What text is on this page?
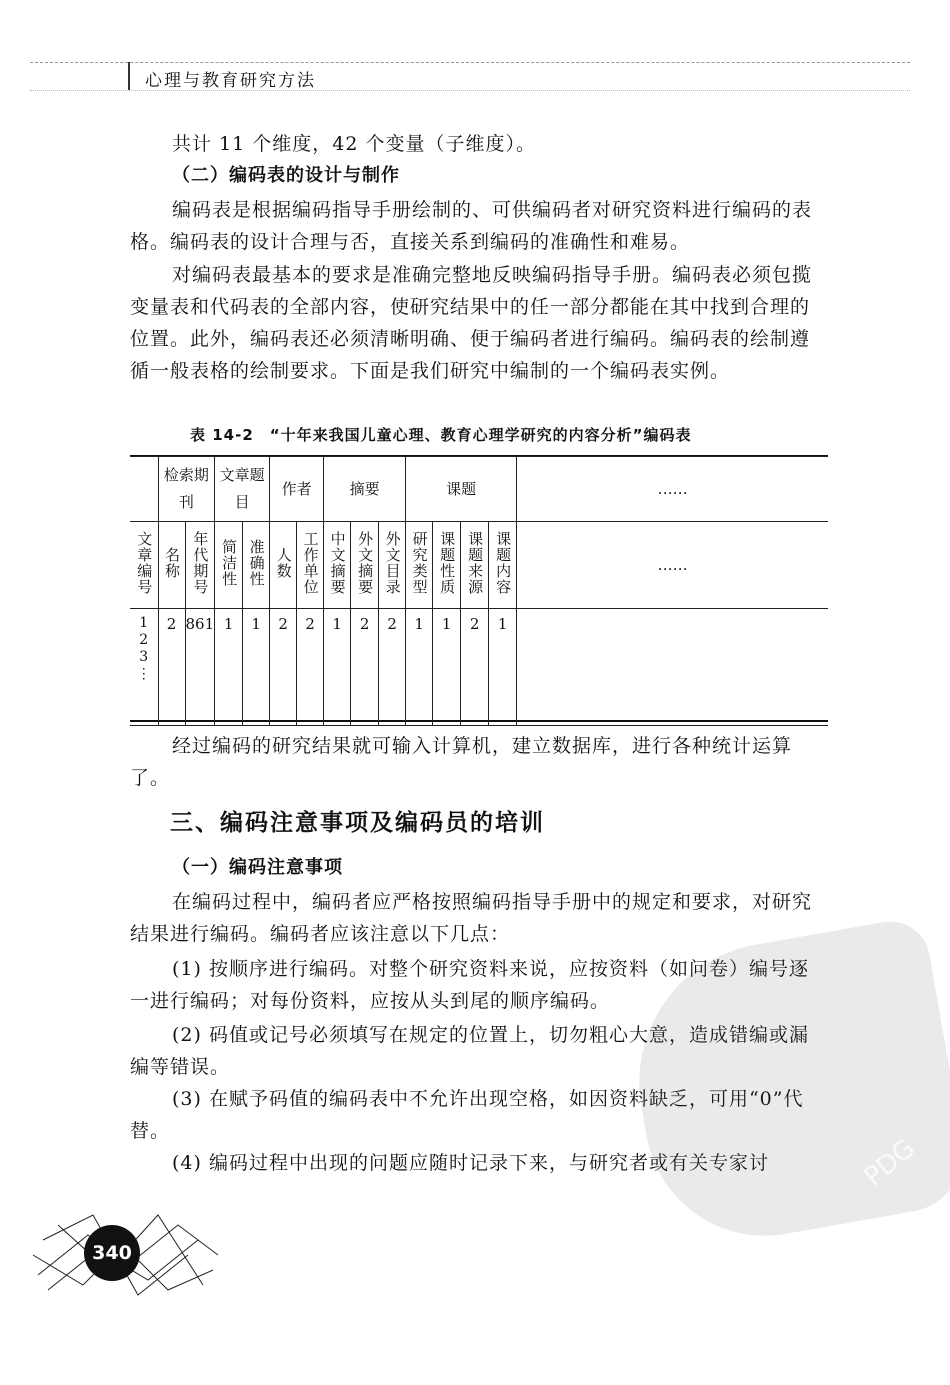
心理与教育研究方法

共计 11 个维度，42 个变量（子维度）。

（二）编码表的设计与制作

编码表是根据编码指导手册绘制的、可供编码者对研究资料进行编码的表格。编码表的设计合理与否，直接关系到编码的准确性和难易。

对编码表最基本的要求是准确完整地反映编码指导手册。编码表必须包揽变量表和代码表的全部内容，使研究结果中的任一部分都能在其中找到合理的位置。此外，编码表还必须清晰明确、便于编码者进行编码。编码表的绘制遵循一般表格的绘制要求。下面是我们研究中编制的一个编码表实例。

表 14-2　“十年来我国儿童心理、教育心理学研究的内容分析”编码表
	检索期刊		文章题目		作者		摘要			课题				……
文章编号	名称	年代期号	简洁性	准确性	人数	工作单位	中文摘要	外文摘要	外文目录	研究类型	课题性质	课题来源	课题内容	……
123⋮	2	861	1	1	2	2	1	2	2	1	1	2	1	

经过编码的研究结果就可输入计算机，建立数据库，进行各种统计运算了。

三、编码注意事项及编码员的培训

（一）编码注意事项

在编码过程中，编码者应严格按照编码指导手册中的规定和要求，对研究结果进行编码。编码者应该注意以下几点：

(1) 按顺序进行编码。对整个研究资料来说，应按资料（如问卷）编号逐一进行编码；对每份资料，应按从头到尾的顺序编码。

(2) 码值或记号必须填写在规定的位置上，切勿粗心大意，造成错编或漏编等错误。

(3) 在赋予码值的编码表中不允许出现空格，如因资料缺乏，可用“0”代替。

(4) 编码过程中出现的问题应随时记录下来，与研究者或有关专家讨	PDG
340
